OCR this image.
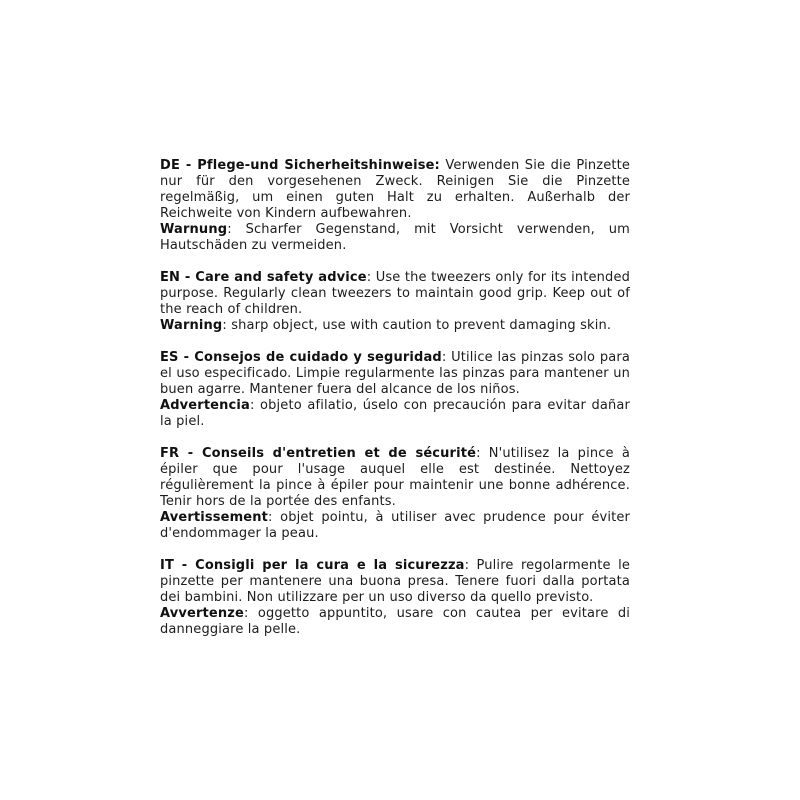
DE - Pflege-und Sicherheitshinweise: Verwenden Sie die Pinzette nur für den vorgesehenen Zweck. Reinigen Sie die Pinzette regelmäßig, um einen guten Halt zu erhalten. Außerhalb der Reichweite von Kindern aufbewahren.

Warnung: Scharfer Gegenstand, mit Vorsicht verwenden, um Hautschäden zu vermeiden.

EN - Care and safety advice: Use the tweezers only for its intended purpose. Regularly clean tweezers to maintain good grip. Keep out of the reach of children.

Warning: sharp object, use with caution to prevent damaging skin.

ES - Consejos de cuidado y seguridad: Utilice las pinzas solo para el uso especificado. Limpie regularmente las pinzas para mantener un buen agarre. Mantener fuera del alcance de los niños.

Advertencia: objeto afilatio, úselo con precaución para evitar dañar la piel.

FR - Conseils d'entretien et de sécurité: N'utilisez la pince à épiler que pour l'usage auquel elle est destinée. Nettoyez régulièrement la pince à épiler pour maintenir une bonne adhérence. Tenir hors de la portée des enfants.

Avertissement: objet pointu, à utiliser avec prudence pour éviter d'endommager la peau.

IT - Consigli per la cura e la sicurezza: Pulire regolarmente le pinzette per mantenere una buona presa. Tenere fuori dalla portata dei bambini. Non utilizzare per un uso diverso da quello previsto.

Avvertenze: oggetto appuntito, usare con cautea per evitare di danneggiare la pelle.
